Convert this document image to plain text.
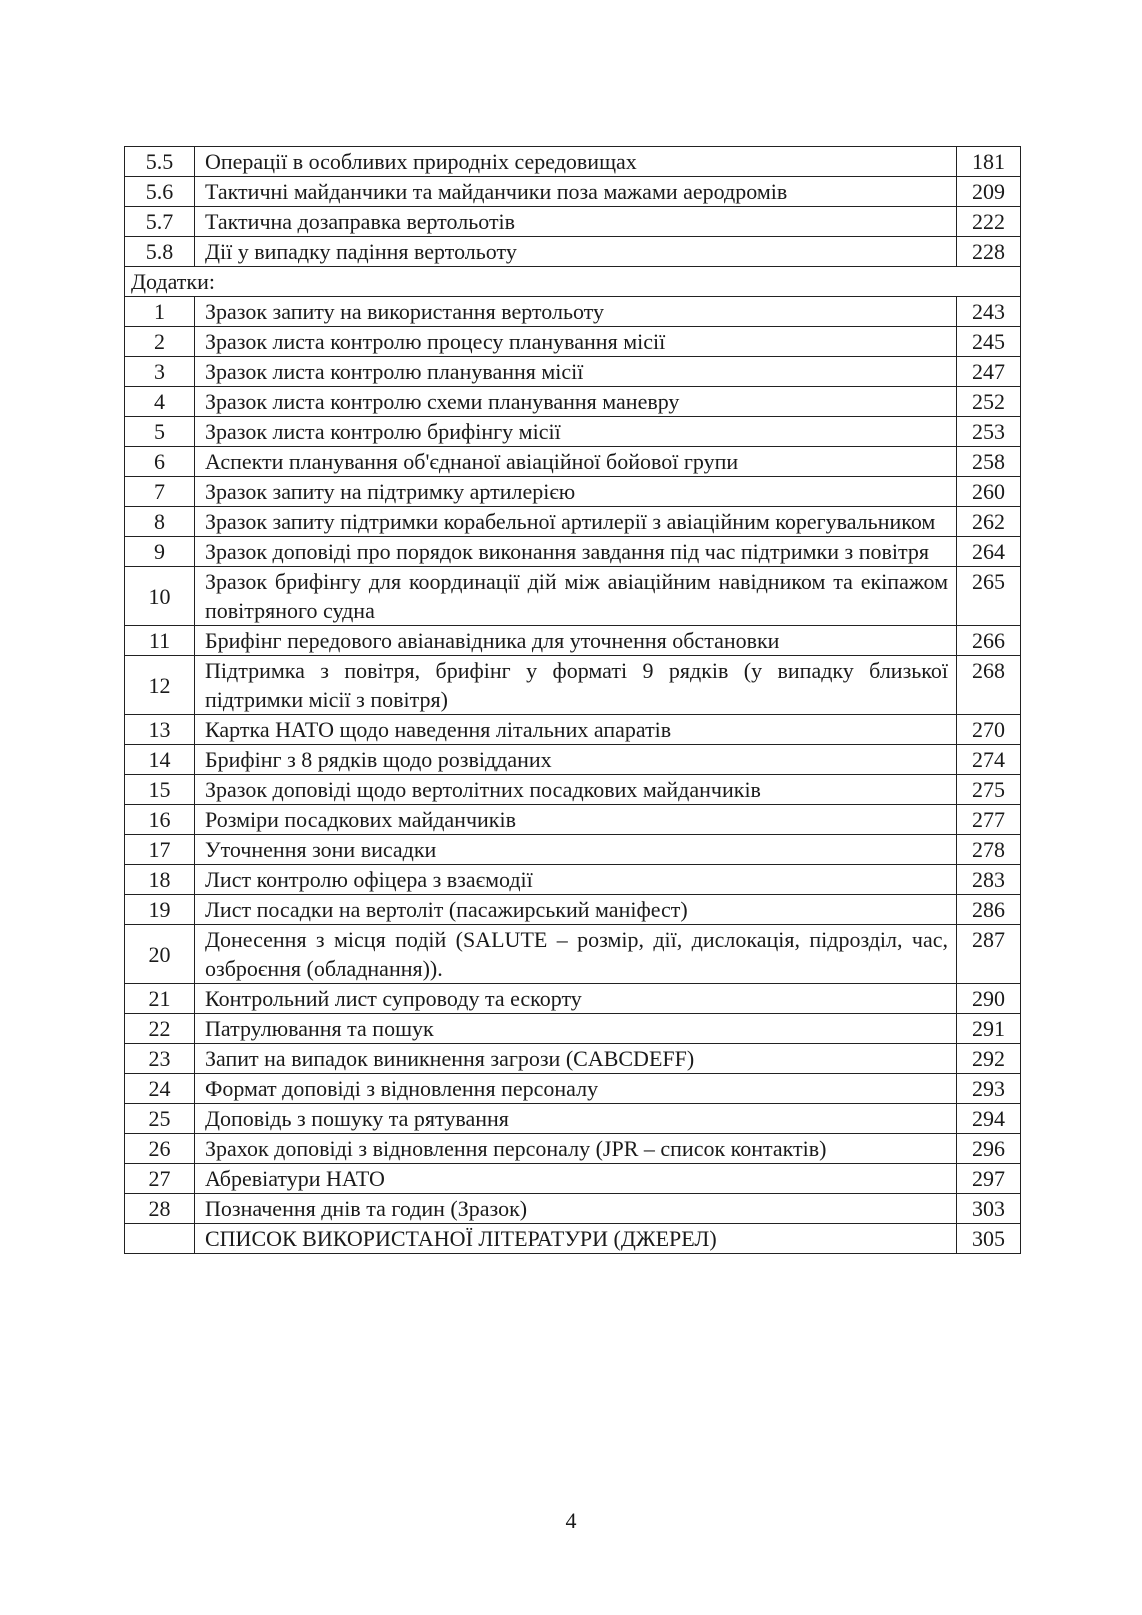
5.5	Операції в особливих природніх середовищах	181
5.6	Тактичні майданчики та майданчики поза мажами аеродромів	209
5.7	Тактична дозаправка вертольотів	222
5.8	Дії у випадку падіння вертольоту	228
Додатки:		
1	Зразок запиту на використання вертольоту	243
2	Зразок листа контролю процесу планування місії	245
3	Зразок листа контролю планування місії	247
4	Зразок листа контролю схеми планування маневру	252
5	Зразок листа контролю брифінгу місії	253
6	Аспекти планування об'єднаної авіаційної бойової групи	258
7	Зразок запиту на підтримку артилерією	260
8	Зразок запиту підтримки корабельної артилерії з авіаційним корегувальником	262
9	Зразок доповіді про порядок виконання завдання під час підтримки з повітря	264
10	Зразок брифінгу для координації дій між авіаційним навідником та екіпажом повітряного судна	265
11	Брифінг передового авіанавідника для уточнення обстановки	266
12	Підтримка з повітря, брифінг у форматі 9 рядків (у випадку близької підтримки місії з повітря)	268
13	Картка НАТО щодо наведення літальних апаратів	270
14	Брифінг з 8 рядків щодо розвідданих	274
15	Зразок доповіді щодо вертолітних посадкових майданчиків	275
16	Розміри посадкових майданчиків	277
17	Уточнення зони висадки	278
18	Лист контролю офіцера з взаємодії	283
19	Лист посадки на вертоліт (пасажирський маніфест)	286
20	Донесення з місця подій (SALUTE – розмір, дії, дислокація, підрозділ, час, озброєння (обладнання)).	287
21	Контрольний лист супроводу та ескорту	290
22	Патрулювання та пошук	291
23	Запит на випадок виникнення загрози (CABCDEFF)	292
24	Формат доповіді з відновлення персоналу	293
25	Доповідь з пошуку та рятування	294
26	Зрахок доповіді з відновлення персоналу (JPR – список контактів)	296
27	Абревіатури НАТО	297
28	Позначення днів та годин (Зразок)	303
	СПИСОК ВИКОРИСТАНОЇ ЛІТЕРАТУРИ (ДЖЕРЕЛ)	305
4
